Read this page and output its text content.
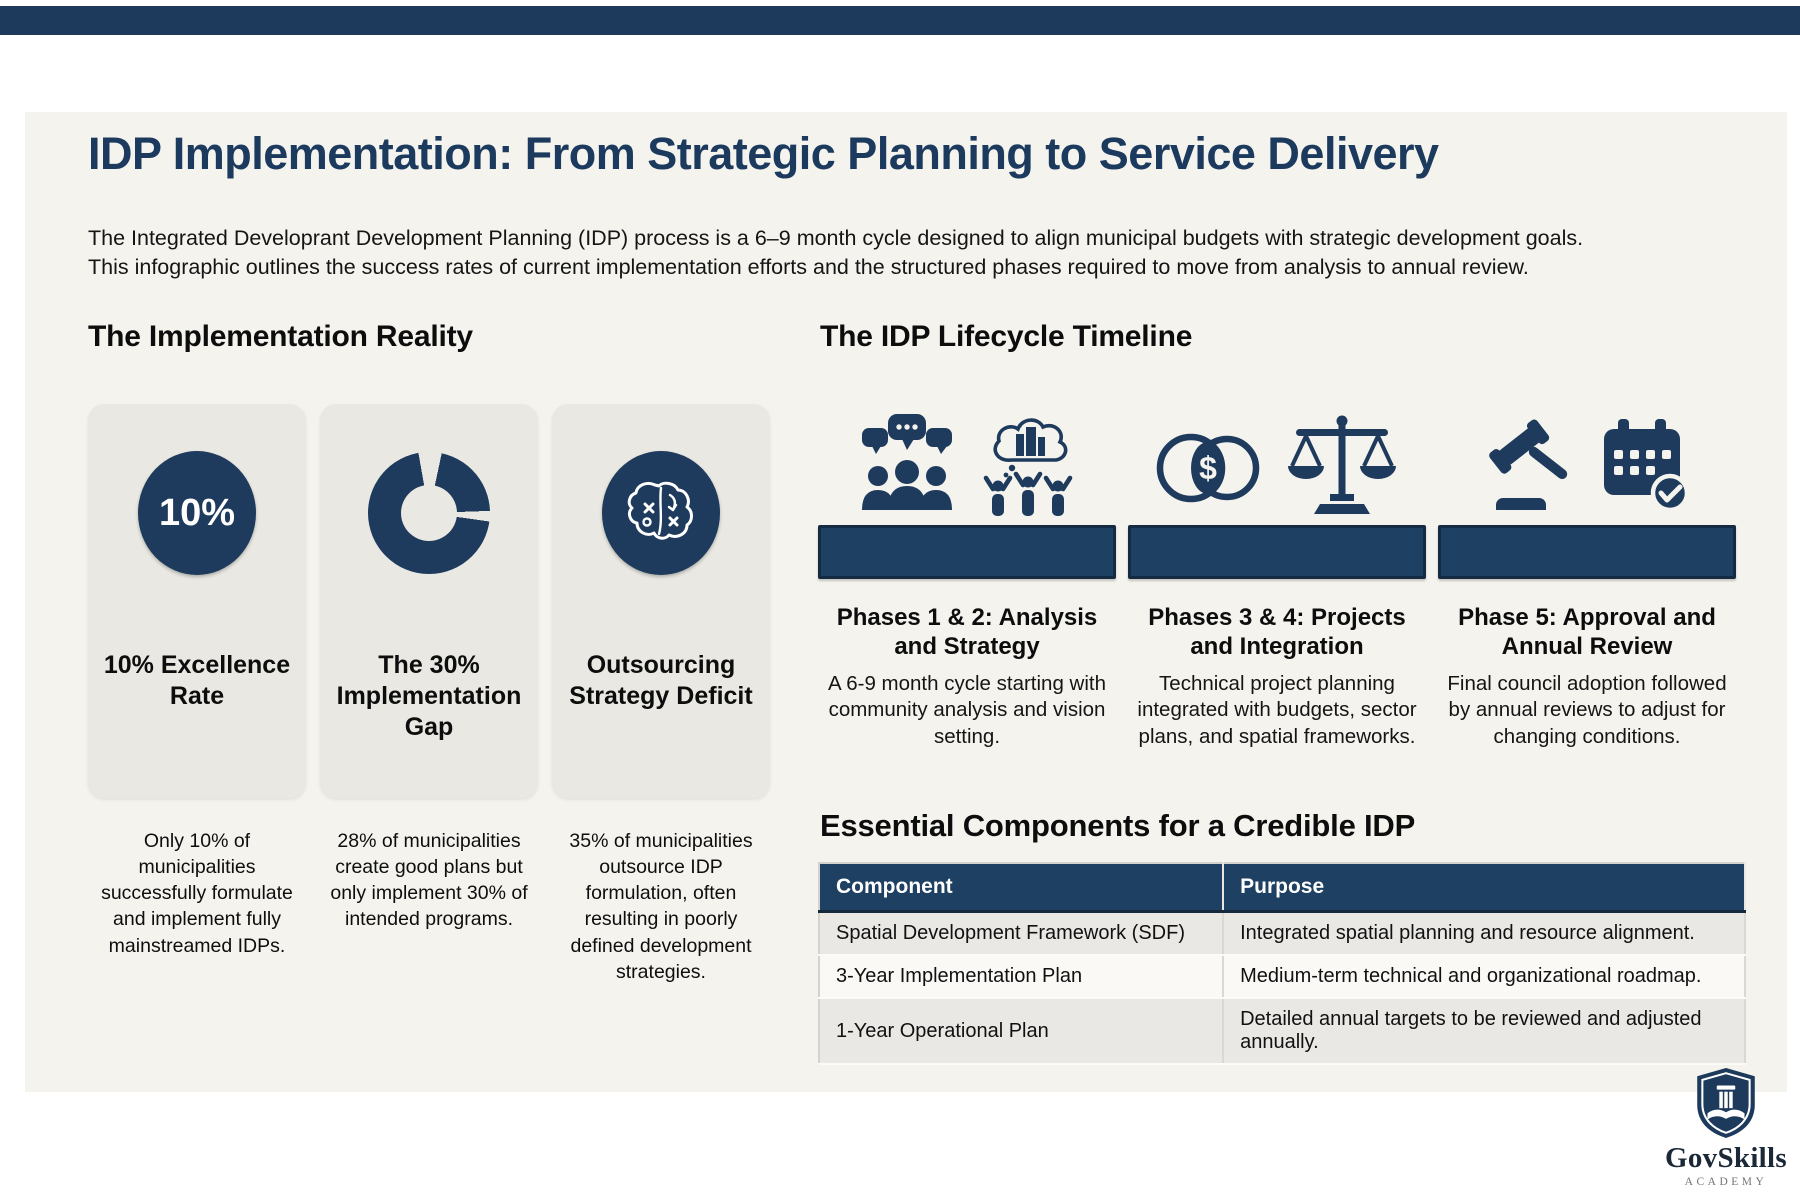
IDP Implementation: From Strategic Planning to Service Delivery
The Integrated Developrant Development Planning (IDP) process is a 6–9 month cycle designed to align municipal budgets with strategic development goals. This infographic outlines the success rates of current implementation efforts and the structured phases required to move from analysis to annual review.
The Implementation Reality
10%
10% Excellence Rate
The 30% Implementation Gap
Outsourcing Strategy Deficit
Only 10% of municipalities successfully formulate and implement fully mainstreamed IDPs.
28% of municipalities create good plans but only implement 30% of intended programs.
35% of municipalities outsource IDP formulation, often resulting in poorly defined development strategies.
The IDP Lifecycle Timeline
Phases 1 & 2: Analysis and Strategy
A 6-9 month cycle starting with community analysis and vision setting.
$
Phases 3 & 4: Projects and Integration
Technical project planning integrated with budgets, sector plans, and spatial frameworks.
Phase 5: Approval and Annual Review
Final council adoption followed by annual reviews to adjust for changing conditions.
Essential Components for a Credible IDP
Component	Purpose
Spatial Development Framework (SDF)	Integrated spatial planning and resource alignment.
3-Year Implementation Plan	Medium-term technical and organizational roadmap.
1-Year Operational Plan	Detailed annual targets to be reviewed and adjusted annually.
GovSkills
ACADEMY
